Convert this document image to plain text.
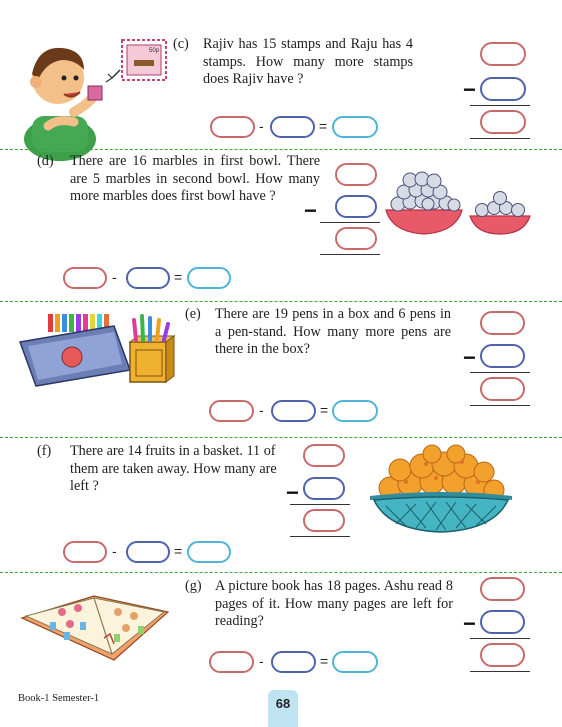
50p (c) Rajiv has 15 stamps and Raju has 4 stamps. How many more stamps does Rajiv have ?
-	=
−
(d) There are 16 marbles in first bowl. There are 5 marbles in second bowl. How many more marbles does first bowl have ?
−
-	=
(e) There are 19 pens in a box and 6 pens in a pen-stand. How many more pens are there in the box?
-	=
−
(f) There are 14 fruits in a basket. 11 of them are taken away. How many are left ?	−
-	=
(g) A picture book has 18 pages. Ashu read 8 pages of it. How many pages are left for reading?
-	=
−
Book-1 Semester-1	68
